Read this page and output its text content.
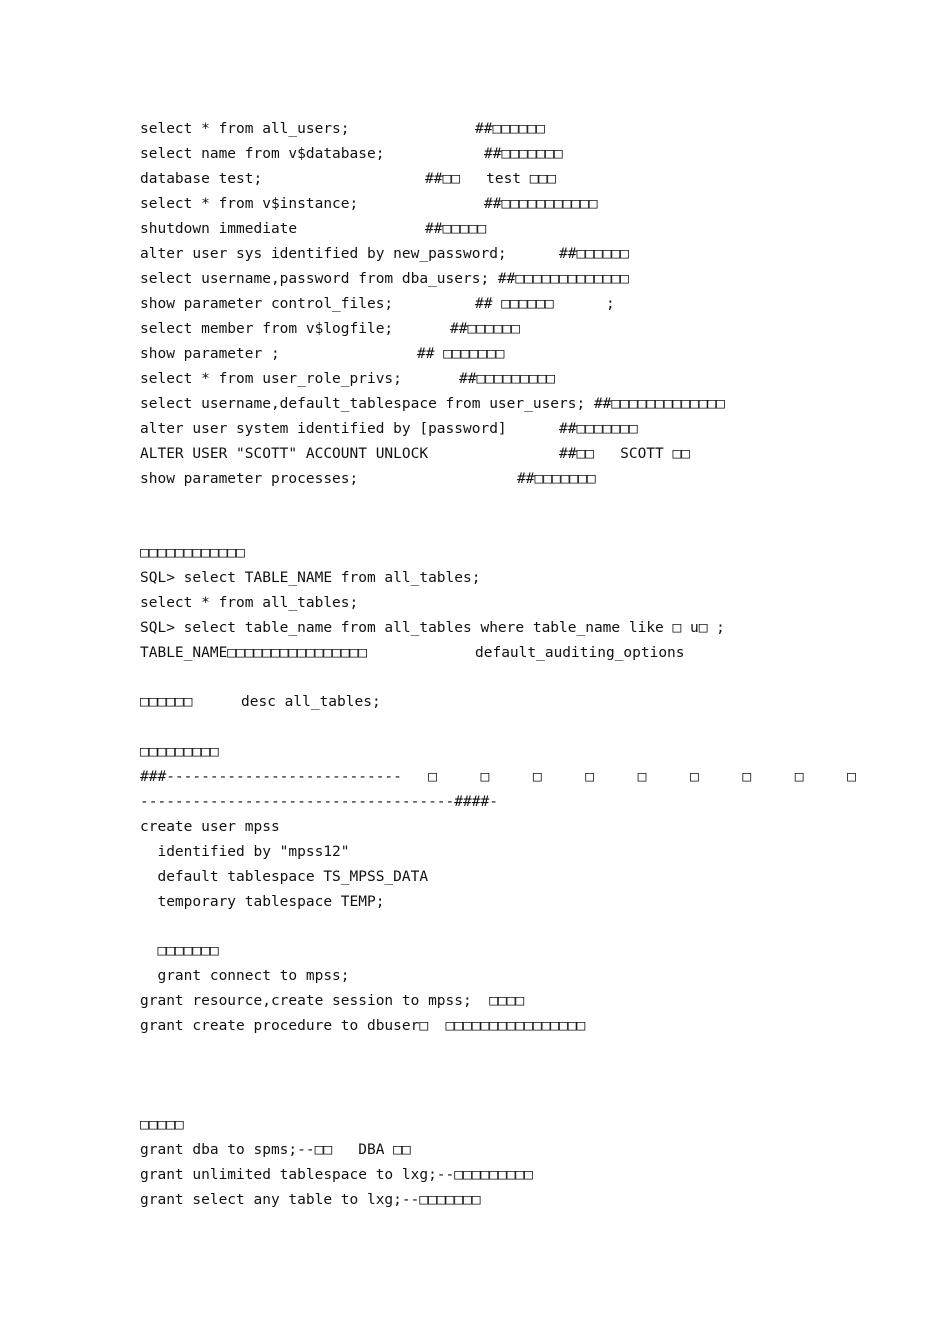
select * from all_users;	##□□□□□□
select name from v$database;	##□□□□□□□
database test;	##□□   test □□□
select * from v$instance;	##□□□□□□□□□□□
shutdown immediate	##□□□□□
alter user sys identified by new_password;	##□□□□□□
select username,password from dba_users; ##□□□□□□□□□□□□□
show parameter control_files;	## □□□□□□      ;
select member from v$logfile;	##□□□□□□
show parameter ;	## □□□□□□□
select * from user_role_privs;	##□□□□□□□□□
select username,default_tablespace from user_users; ##□□□□□□□□□□□□□
alter user system identified by [password]	##□□□□□□□
ALTER USER "SCOTT" ACCOUNT UNLOCK	##□□   SCOTT □□
show parameter processes;	##□□□□□□□
□□□□□□□□□□□□
SQL> select TABLE_NAME from all_tables;
select * from all_tables;
SQL> select table_name from all_tables where table_name like □ u□ ;
TABLE_NAME□□□□□□□□□□□□□□□□	default_auditing_options
□□□□□□	desc all_tables;
□□□□□□□□□
###---------------------------   □     □     □     □     □     □     □     □     □
------------------------------------####-
create user mpss
identified by "mpss12"
default tablespace TS_MPSS_DATA
temporary tablespace TEMP;
□□□□□□□
grant connect to mpss;
grant resource,create session to mpss;  □□□□
grant create procedure to dbuser□  □□□□□□□□□□□□□□□□
□□□□□
grant dba to spms;--□□   DBA □□
grant unlimited tablespace to lxg;--□□□□□□□□□
grant select any table to lxg;--□□□□□□□
